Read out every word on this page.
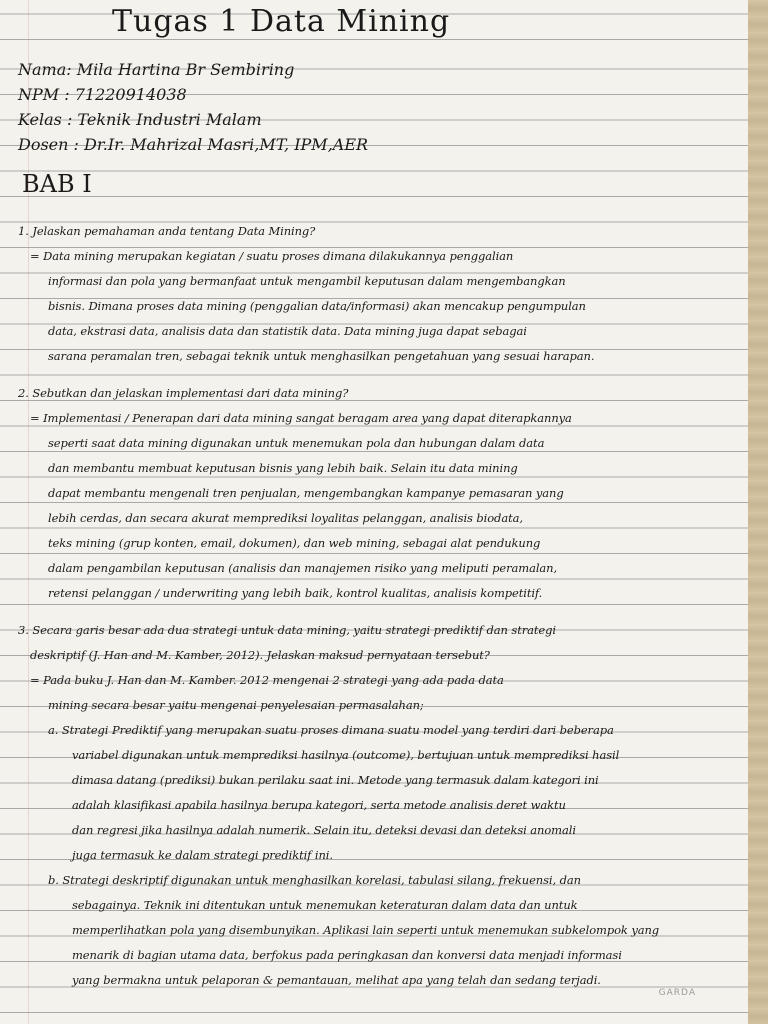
Tugas 1 Data Mining
Nama: Mila Hartina Br Sembiring
NPM : 71220914038
Kelas : Teknik Industri Malam
Dosen : Dr.Ir. Mahrizal Masri,MT, IPM,AER
BAB I
1. Jelaskan pemahaman anda tentang Data Mining?
= Data mining merupakan kegiatan / suatu proses dimana dilakukannya penggalian
informasi dan pola yang bermanfaat untuk mengambil keputusan dalam mengembangkan
bisnis. Dimana proses data mining (penggalian data/informasi) akan mencakup pengumpulan
data, ekstrasi data, analisis data dan statistik data. Data mining juga dapat sebagai
sarana peramalan tren, sebagai teknik untuk menghasilkan pengetahuan yang sesuai harapan.
2. Sebutkan dan jelaskan implementasi dari data mining?
= Implementasi / Penerapan dari data mining sangat beragam area yang dapat diterapkannya
seperti saat data mining digunakan untuk menemukan pola dan hubungan dalam data
dan membantu membuat keputusan bisnis yang lebih baik. Selain itu data mining
dapat membantu mengenali tren penjualan, mengembangkan kampanye pemasaran yang
lebih cerdas, dan secara akurat memprediksi loyalitas pelanggan, analisis biodata,
teks mining (grup konten, email, dokumen), dan web mining, sebagai alat pendukung
dalam pengambilan keputusan (analisis dan manajemen risiko yang meliputi peramalan,
retensi pelanggan / underwriting yang lebih baik, kontrol kualitas, analisis kompetitif.
3. Secara garis besar ada dua strategi untuk data mining, yaitu strategi prediktif dan strategi
deskriptif (J. Han and M. Kamber, 2012). Jelaskan maksud pernyataan tersebut?
= Pada buku J. Han dan M. Kamber. 2012 mengenai 2 strategi yang ada pada data
mining secara besar yaitu mengenai penyelesaian permasalahan;
a. Strategi Prediktif yang merupakan suatu proses dimana suatu model yang terdiri dari beberapa
variabel digunakan untuk memprediksi hasilnya (outcome), bertujuan untuk memprediksi hasil
dimasa datang (prediksi) bukan perilaku saat ini. Metode yang termasuk dalam kategori ini
adalah klasifikasi apabila hasilnya berupa kategori, serta metode analisis deret waktu
dan regresi jika hasilnya adalah numerik. Selain itu, deteksi devasi dan deteksi anomali
juga termasuk ke dalam strategi prediktif ini.
b. Strategi deskriptif digunakan untuk menghasilkan korelasi, tabulasi silang, frekuensi, dan
sebagainya. Teknik ini ditentukan untuk menemukan keteraturan dalam data dan untuk
memperlihatkan pola yang disembunyikan. Aplikasi lain seperti untuk menemukan subkelompok yang
menarik di bagian utama data, berfokus pada peringkasan dan konversi data menjadi informasi
yang bermakna untuk pelaporan & pemantauan, melihat apa yang telah dan sedang terjadi.
GARDA
